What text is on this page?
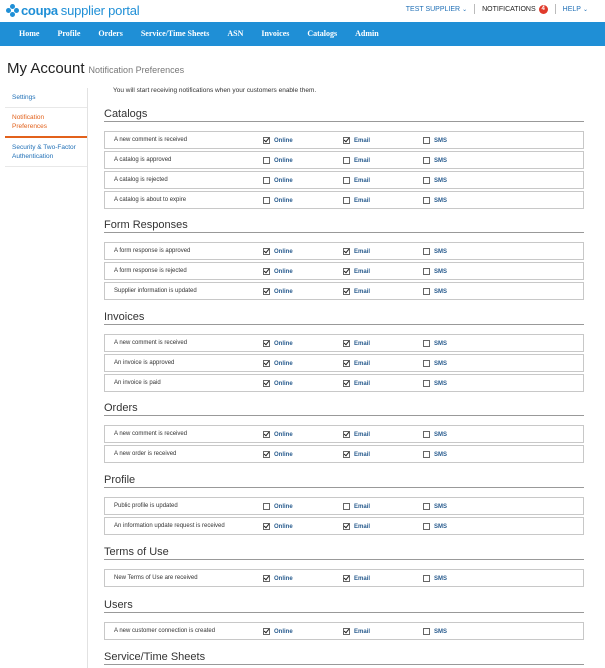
coupa supplier portal	TEST SUPPLIER ⌄ NOTIFICATIONS 4	HELP ⌄
Home	Profile	Orders	Service/Time Sheets	ASN	Invoices	Catalogs	Admin
My Account Notification Preferences
Settings
Notification Preferences
Security & Two-Factor Authentication
You will start receiving notifications when your customers enable them.
Catalogs
A new comment is received	Online	Email	SMS
A catalog is approved	Online	Email	SMS
A catalog is rejected	Online	Email	SMS
A catalog is about to expire	Online	Email	SMS
Form Responses
A form response is approved	Online	Email	SMS
A form response is rejected	Online	Email	SMS
Supplier information is updated	Online	Email	SMS
Invoices
A new comment is received	Online	Email	SMS
An invoice is approved	Online	Email	SMS
An invoice is paid	Online	Email	SMS
Orders
A new comment is received	Online	Email	SMS
A new order is received	Online	Email	SMS
Profile
Public profile is updated	Online	Email	SMS
An information update request is received	Online	Email	SMS
Terms of Use
New Terms of Use are received	Online	Email	SMS
Users
A new customer connection is created	Online	Email	SMS
Service/Time Sheets
